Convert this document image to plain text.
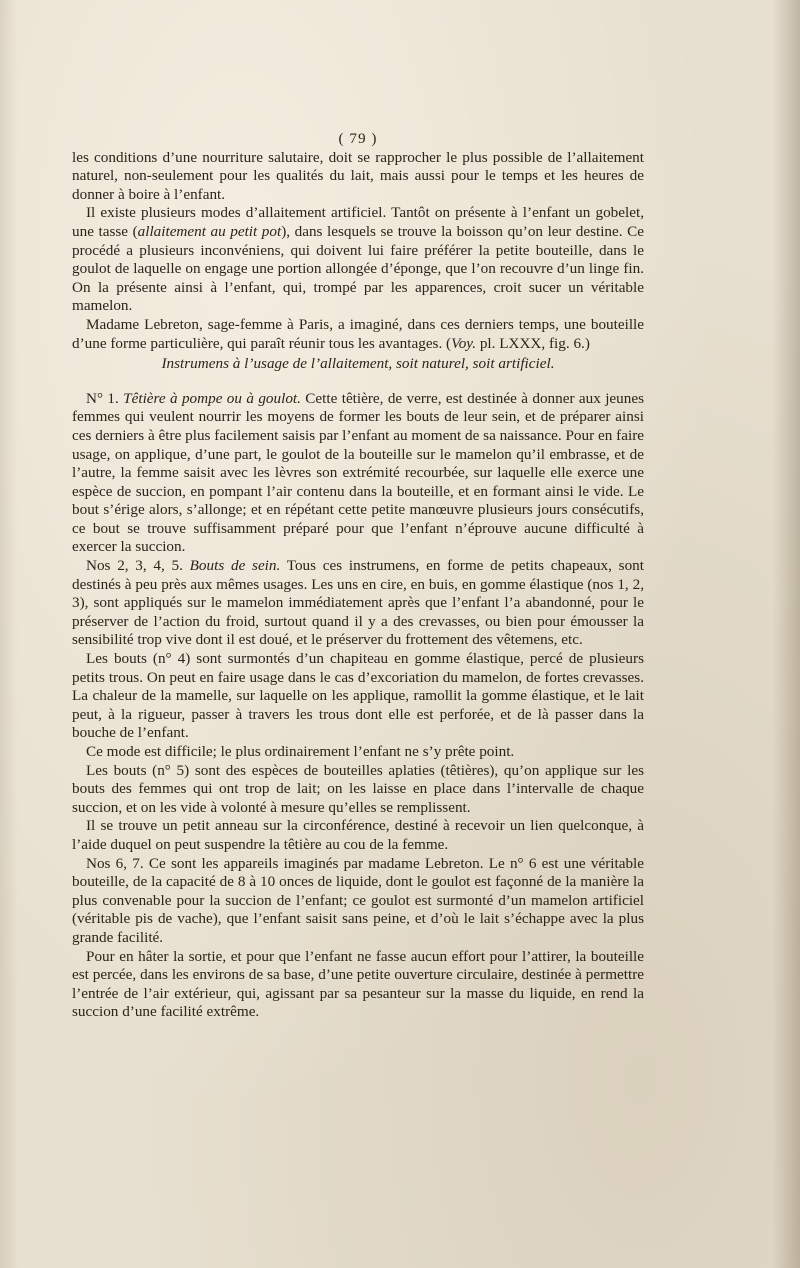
( 79 )

les conditions d’une nourriture salutaire, doit se rapprocher le plus possible de l’allaitement naturel, non-seulement pour les qualités du lait, mais aussi pour le temps et les heures de donner à boire à l’enfant.

Il existe plusieurs modes d’allaitement artificiel. Tantôt on présente à l’enfant un gobelet, une tasse (allaitement au petit pot), dans lesquels se trouve la boisson qu’on leur destine. Ce procédé a plusieurs inconvéniens, qui doivent lui faire préférer la petite bouteille, dans le goulot de laquelle on engage une portion allongée d’éponge, que l’on recouvre d’un linge fin. On la présente ainsi à l’enfant, qui, trompé par les apparences, croit sucer un véritable mamelon.

Madame Lebreton, sage-femme à Paris, a imaginé, dans ces derniers temps, une bouteille d’une forme particulière, qui paraît réunir tous les avantages. (Voy. pl. LXXX, fig. 6.)

Instrumens à l’usage de l’allaitement, soit naturel, soit artificiel.

N° 1. Têtière à pompe ou à goulot. Cette têtière, de verre, est destinée à donner aux jeunes femmes qui veulent nourrir les moyens de former les bouts de leur sein, et de préparer ainsi ces derniers à être plus facilement saisis par l’enfant au moment de sa naissance. Pour en faire usage, on applique, d’une part, le goulot de la bouteille sur le mamelon qu’il embrasse, et de l’autre, la femme saisit avec les lèvres son extrémité recourbée, sur laquelle elle exerce une espèce de succion, en pompant l’air contenu dans la bouteille, et en formant ainsi le vide. Le bout s’érige alors, s’allonge; et en répétant cette petite manœuvre plusieurs jours consécutifs, ce bout se trouve suffisamment préparé pour que l’enfant n’éprouve aucune difficulté à exercer la succion.

Nos 2, 3, 4, 5. Bouts de sein. Tous ces instrumens, en forme de petits chapeaux, sont destinés à peu près aux mêmes usages. Les uns en cire, en buis, en gomme élastique (nos 1, 2, 3), sont appliqués sur le mamelon immédiatement après que l’enfant l’a abandonné, pour le préserver de l’action du froid, surtout quand il y a des crevasses, ou bien pour émousser la sensibilité trop vive dont il est doué, et le préserver du frottement des vêtemens, etc.

Les bouts (n° 4) sont surmontés d’un chapiteau en gomme élastique, percé de plusieurs petits trous. On peut en faire usage dans le cas d’excoriation du mamelon, de fortes crevasses. La chaleur de la mamelle, sur laquelle on les applique, ramollit la gomme élastique, et le lait peut, à la rigueur, passer à travers les trous dont elle est perforée, et de là passer dans la bouche de l’enfant.

Ce mode est difficile; le plus ordinairement l’enfant ne s’y prête point.

Les bouts (n° 5) sont des espèces de bouteilles aplaties (têtières), qu’on applique sur les bouts des femmes qui ont trop de lait; on les laisse en place dans l’intervalle de chaque succion, et on les vide à volonté à mesure qu’elles se remplissent.

Il se trouve un petit anneau sur la circonférence, destiné à recevoir un lien quelconque, à l’aide duquel on peut suspendre la têtière au cou de la femme.

Nos 6, 7. Ce sont les appareils imaginés par madame Lebreton. Le n° 6 est une véritable bouteille, de la capacité de 8 à 10 onces de liquide, dont le goulot est façonné de la manière la plus convenable pour la succion de l’enfant; ce goulot est surmonté d’un mamelon artificiel (véritable pis de vache), que l’enfant saisit sans peine, et d’où le lait s’échappe avec la plus grande facilité.

Pour en hâter la sortie, et pour que l’enfant ne fasse aucun effort pour l’attirer, la bouteille est percée, dans les environs de sa base, d’une petite ouverture circulaire, destinée à permettre l’entrée de l’air extérieur, qui, agissant par sa pesanteur sur la masse du liquide, en rend la succion d’une facilité extrême.
